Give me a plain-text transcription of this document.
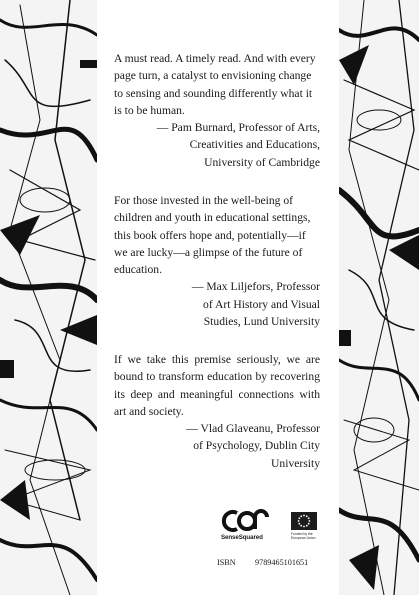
A must read. A timely read. And with every page turn, a catalyst to envisioning change to sensing and sounding differently what it is to be human.

— Pam Burnard, Professor of Arts,
Creativities and Educations,
University of Cambridge

For those invested in the well-being of children and youth in educational settings, this book offers hope and, potentially—if we are lucky—a glimpse of the future of education.

— Max Liljefors, Professor
of Art History and Visual
Studies, Lund University

If we take this premise seriously, we are bound to transform education by recovering its deep and meaningful connections with art and society.

— Vlad Glaveanu, Professor
of Psychology, Dublin City
University
SenseSquared	Funded by the
European Union
ISBN	9789465101651
